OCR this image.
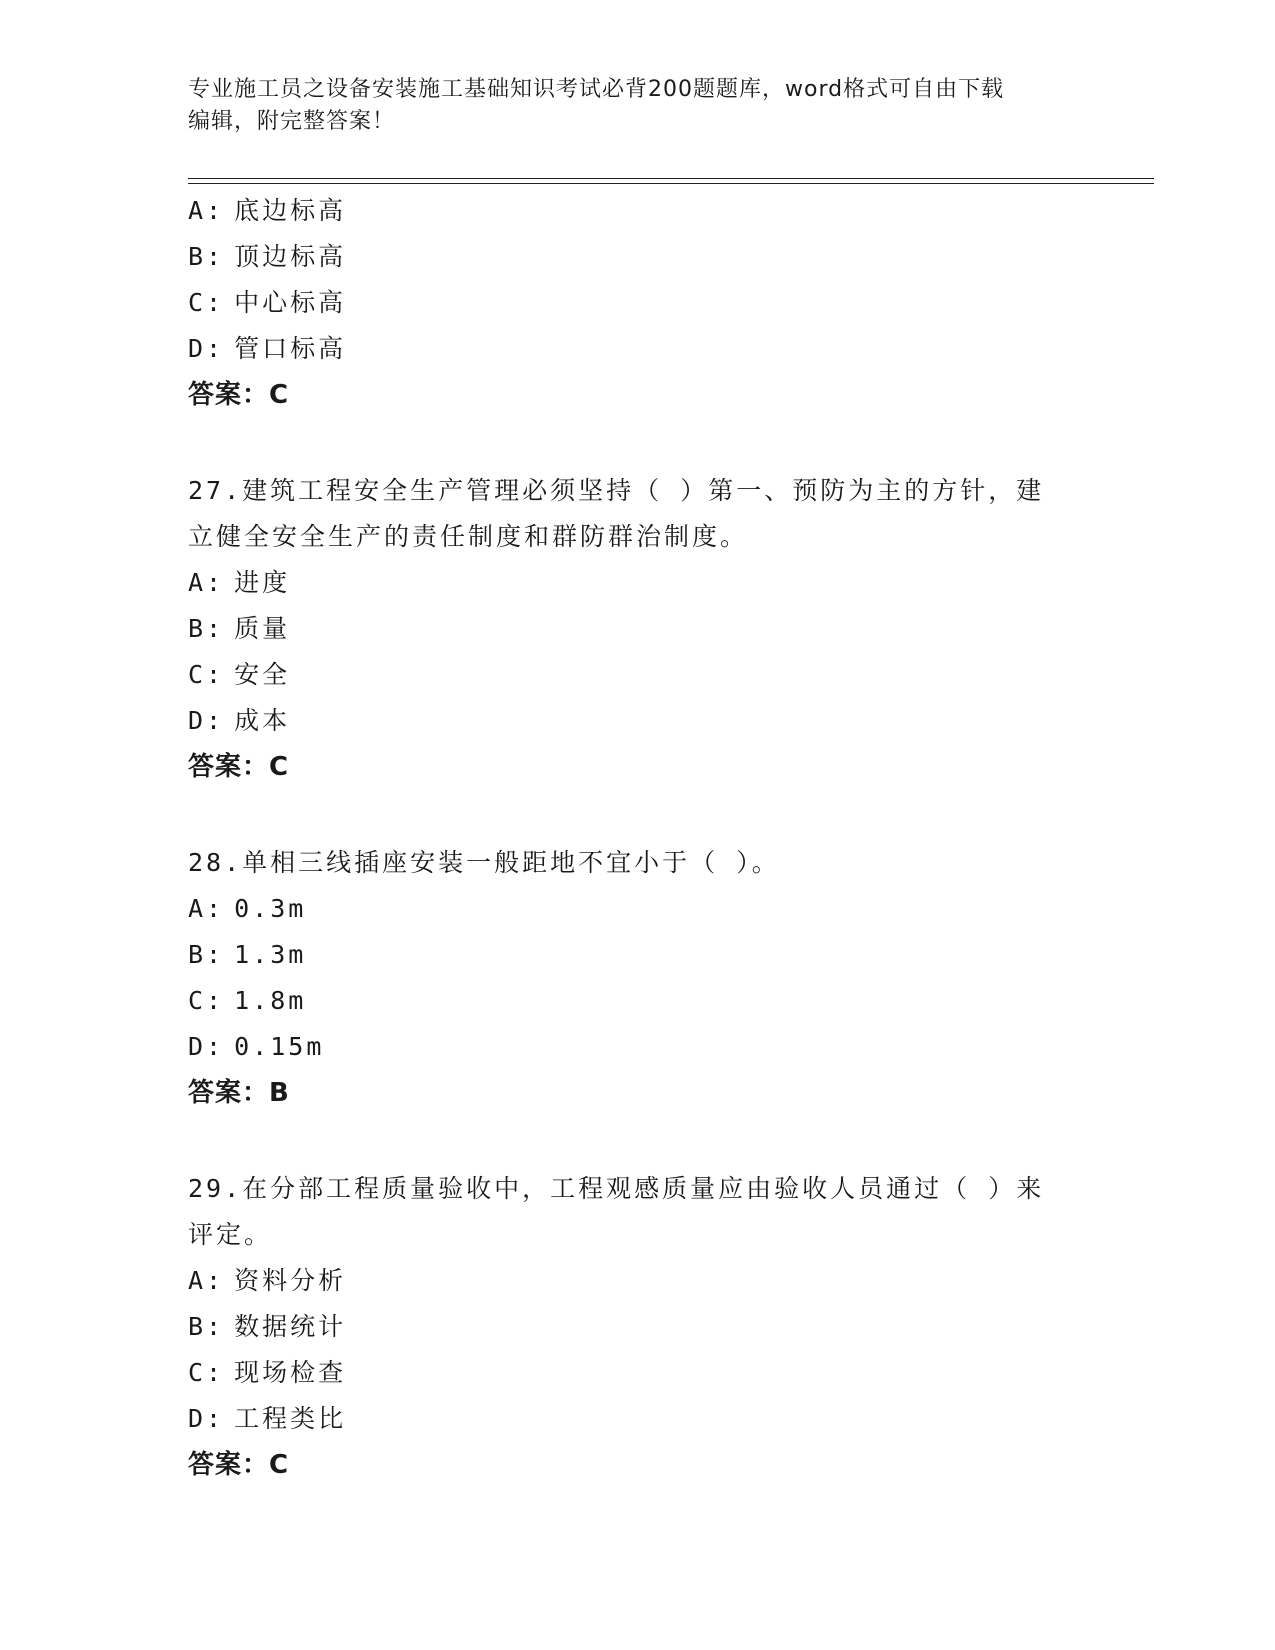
专业施工员之设备安装施工基础知识考试必背200题题库，word格式可自由下载
编辑，附完整答案！
A: 底边标高
B: 顶边标高
C: 中心标高
D: 管口标高
答案：C
27.建筑工程安全生产管理必须坚持（ ）第一、预防为主的方针，建
立健全安全生产的责任制度和群防群治制度。
A: 进度
B: 质量
C: 安全
D: 成本
答案：C
28.单相三线插座安装一般距地不宜小于（ ）。
A: 0.3m
B: 1.3m
C: 1.8m
D: 0.15m
答案：B
29.在分部工程质量验收中，工程观感质量应由验收人员通过（ ）来
评定。
A: 资料分析
B: 数据统计
C: 现场检查
D: 工程类比
答案：C
